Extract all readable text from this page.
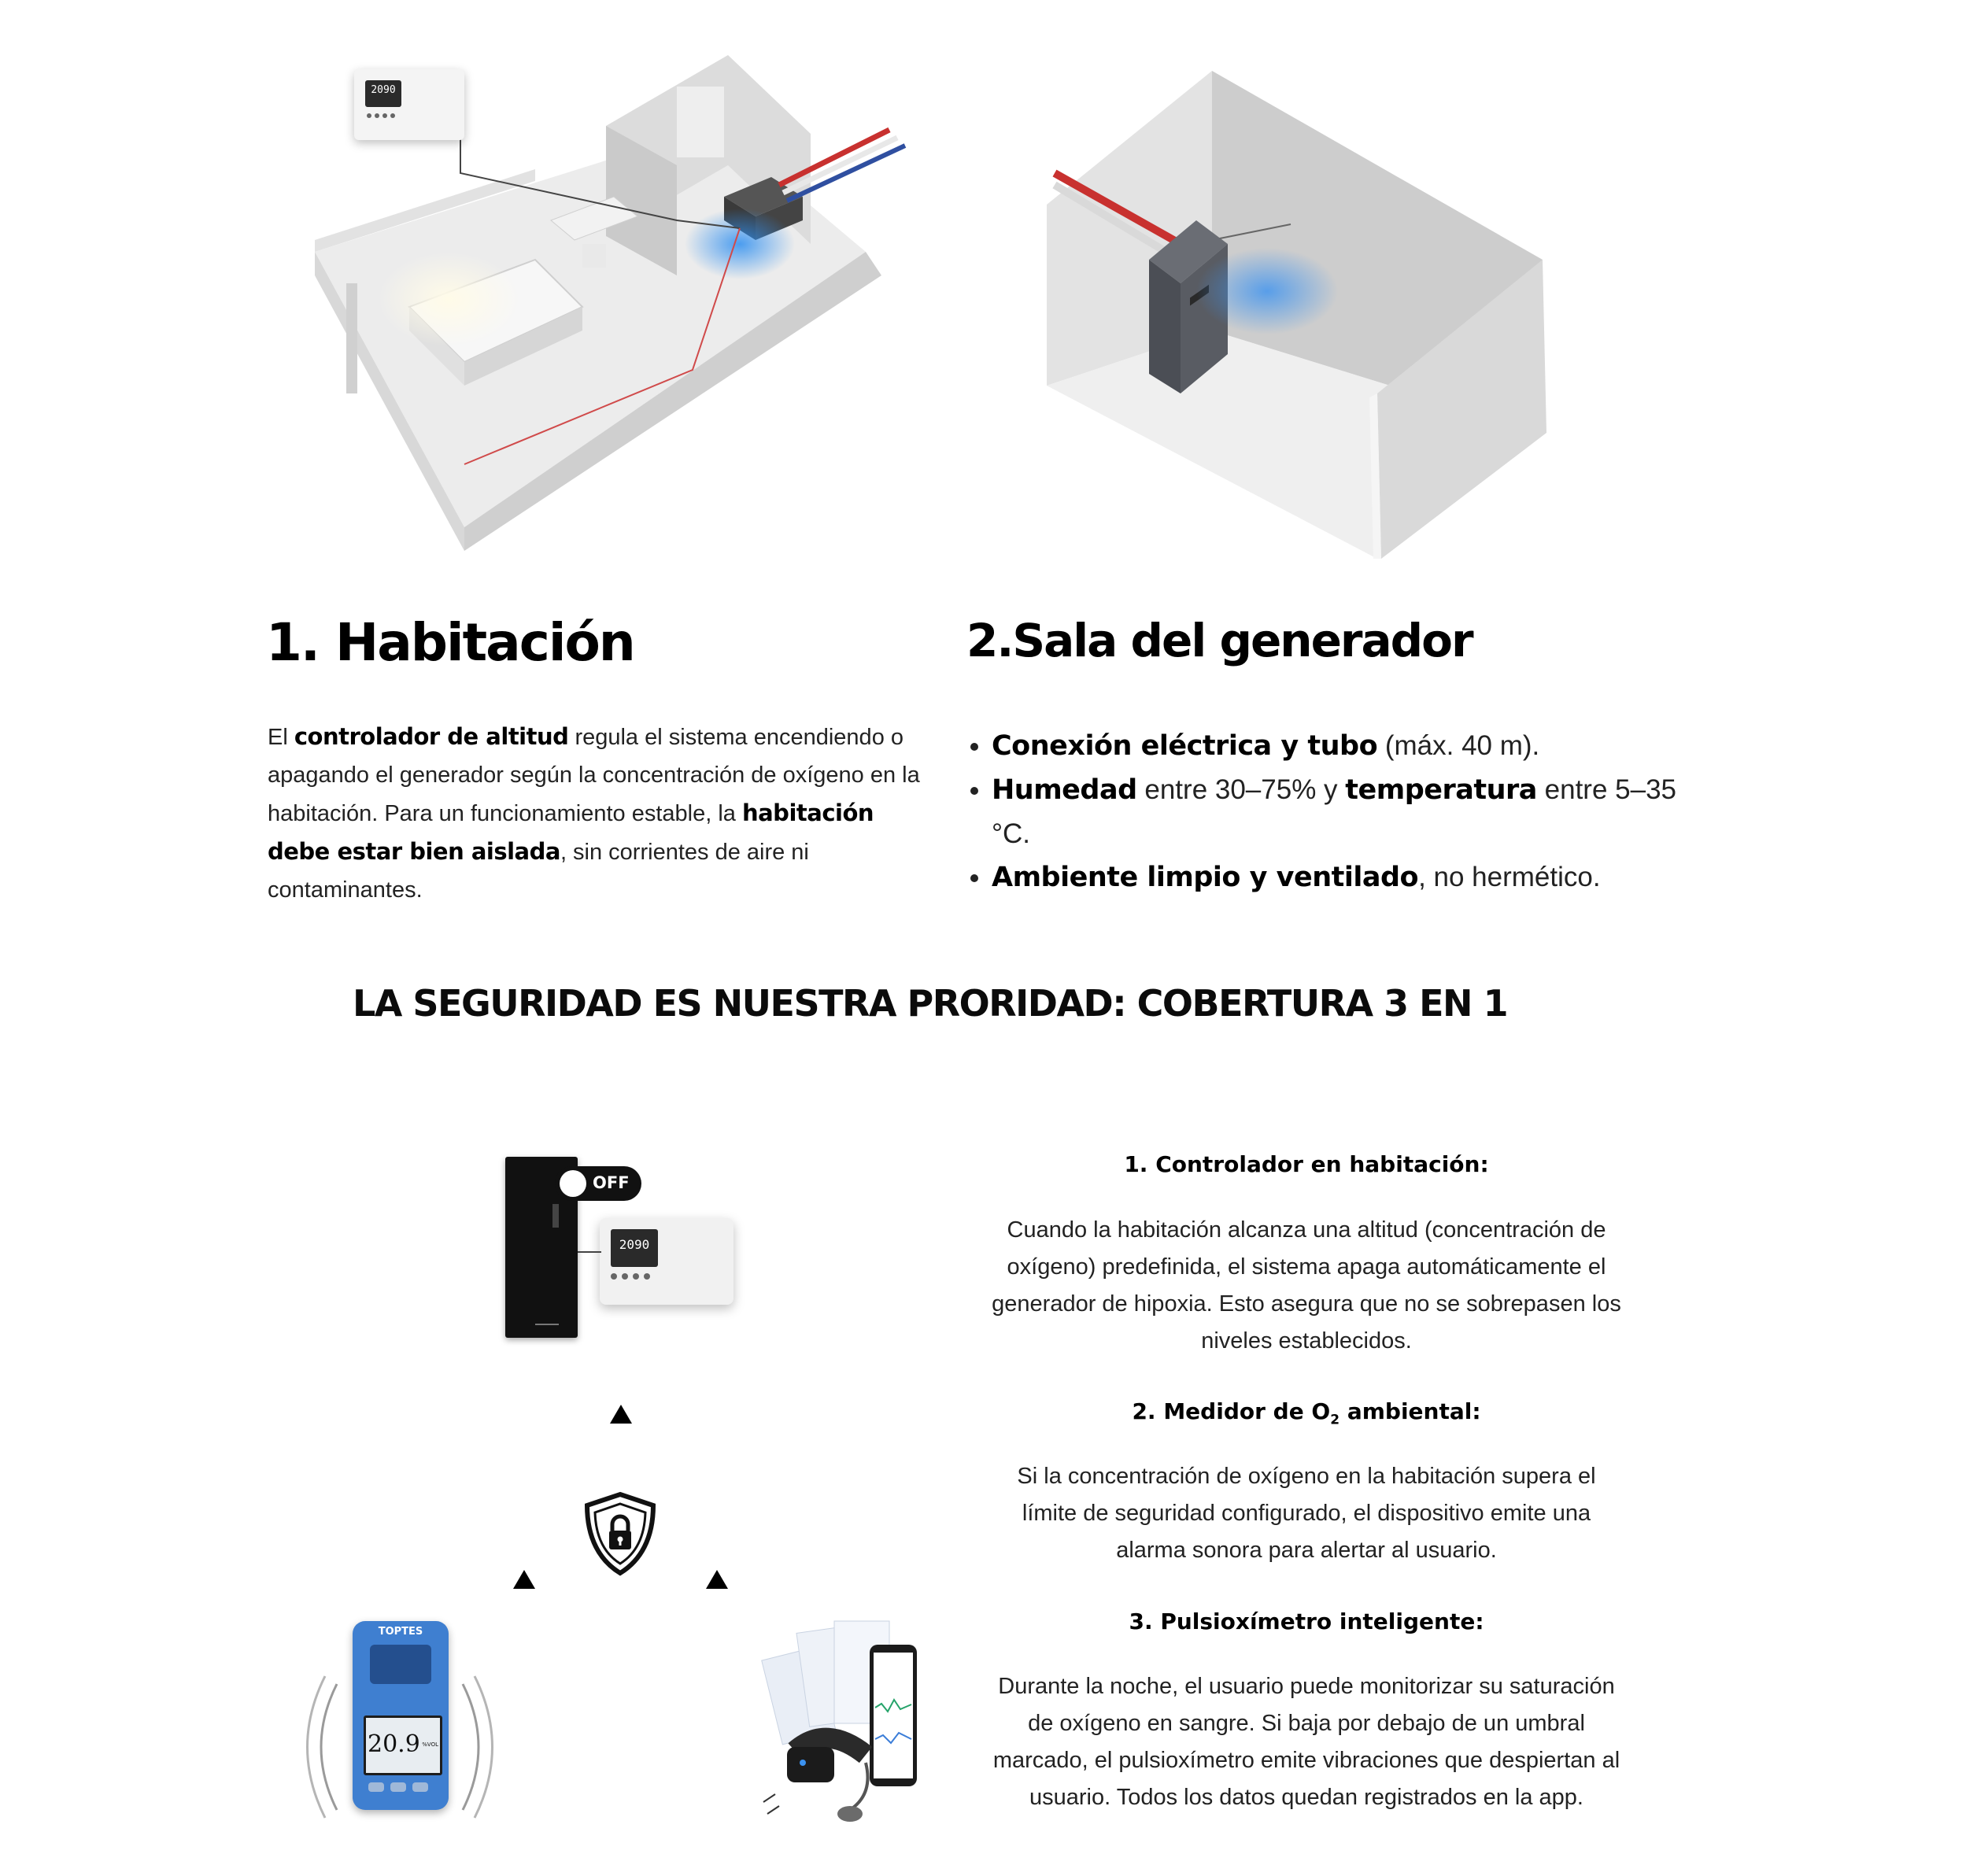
2090
1. Habitación
El controlador de altitud regula el sistema encendiendo o apagando el generador según la concentración de oxígeno en la habitación. Para un funcionamiento estable, la habitación debe estar bien aislada, sin corrientes de aire ni contaminantes.
2.Sala del generador
• Conexión eléctrica y tubo (máx. 40 m).
• Humedad entre 30–75% y temperatura entre 5–35 °C.
• Ambiente limpio y ventilado, no hermético.
LA SEGURIDAD ES NUESTRA PRORIDAD: COBERTURA 3 EN 1
OFF
2090
TOPTES
20.9 %VOL
1. Controlador en habitación:
Cuando la habitación alcanza una altitud (concentración de oxígeno) predefinida, el sistema apaga automáticamente el generador de hipoxia. Esto asegura que no se sobrepasen los niveles establecidos.
2. Medidor de $O_2$ ambiental:
Si la concentración de oxígeno en la habitación supera el límite de seguridad configurado, el dispositivo emite una alarma sonora para alertar al usuario.
3. Pulsioxímetro inteligente:
Durante la noche, el usuario puede monitorizar su saturación de oxígeno en sangre. Si baja por debajo de un umbral marcado, el pulsioxímetro emite vibraciones que despiertan al usuario. Todos los datos quedan registrados en la app.
